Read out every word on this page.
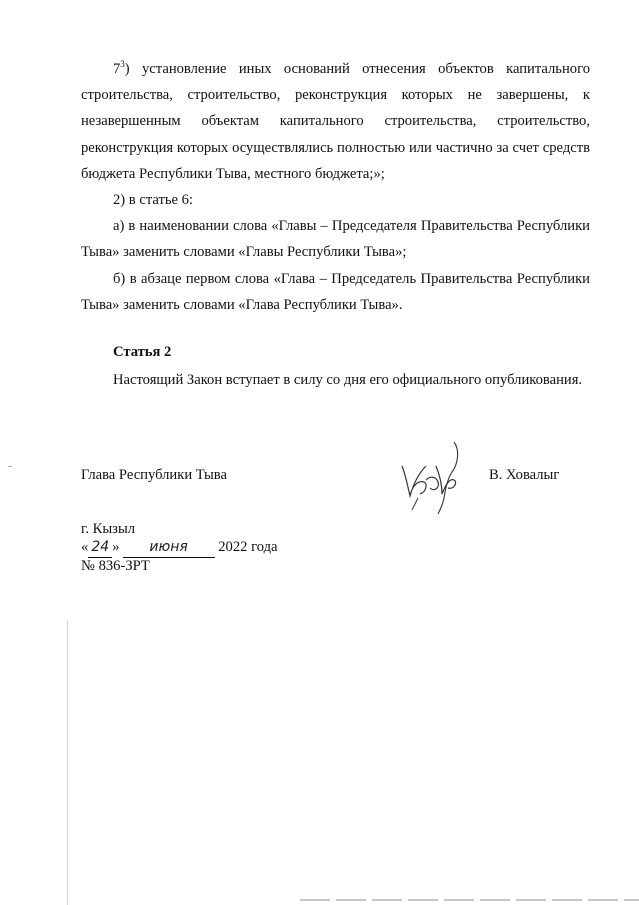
$7^3$) установление иных оснований отнесения объектов капитального строительства, строительство, реконструкция которых не завершены, к незавершенным объектам капитального строительства, строительство, реконструкция которых осуществлялись полностью или частично за счет средств бюджета Республики Тыва, местного бюджета;»;

2) в статье 6:

а) в наименовании слова «Главы – Председателя Правительства Республики Тыва» заменить словами «Главы Республики Тыва»;

б) в абзаце первом слова «Глава – Председатель Правительства Республики Тыва» заменить словами «Глава Республики Тыва».

Статья 2

Настоящий Закон вступает в силу со дня его официального опубликования.

Глава Республики Тыва	В. Ховалыг
г. Кызыл
« 24 » июня 2022 года
№ 836-ЗРТ
